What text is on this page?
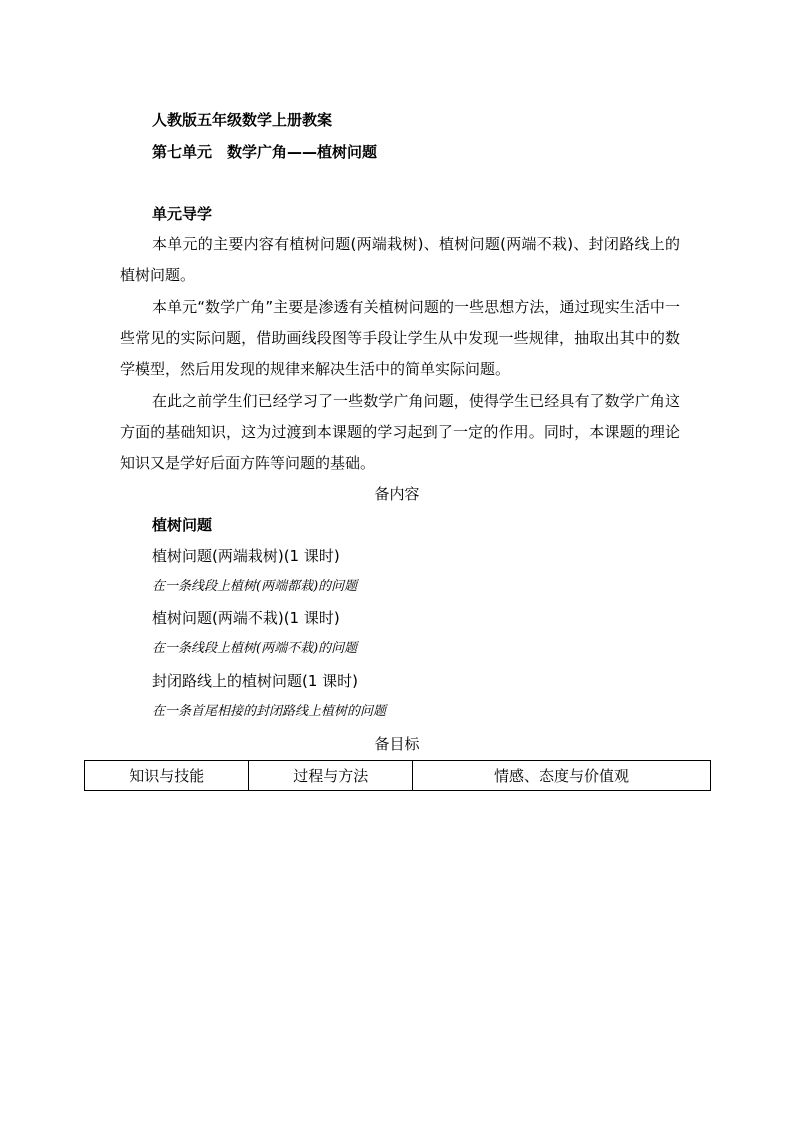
人教版五年级数学上册教案
第七单元　数学广角——植树问题
单元导学
本单元的主要内容有植树问题(两端栽树)、植树问题(两端不栽)、封闭路线上的植树问题。
本单元“数学广角”主要是渗透有关植树问题的一些思想方法，通过现实生活中一些常见的实际问题，借助画线段图等手段让学生从中发现一些规律，抽取出其中的数学模型，然后用发现的规律来解决生活中的简单实际问题。
在此之前学生们已经学习了一些数学广角问题，使得学生已经具有了数学广角这方面的基础知识，这为过渡到本课题的学习起到了一定的作用。同时，本课题的理论知识又是学好后面方阵等问题的基础。
备内容
植树问题
植树问题(两端栽树)(1 课时)
在一条线段上植树(两端都栽)的问题
植树问题(两端不栽)(1 课时)
在一条线段上植树(两端不栽)的问题
封闭路线上的植树问题(1 课时)
在一条首尾相接的封闭路线上植树的问题
备目标
知识与技能	过程与方法	情感、态度与价值观
